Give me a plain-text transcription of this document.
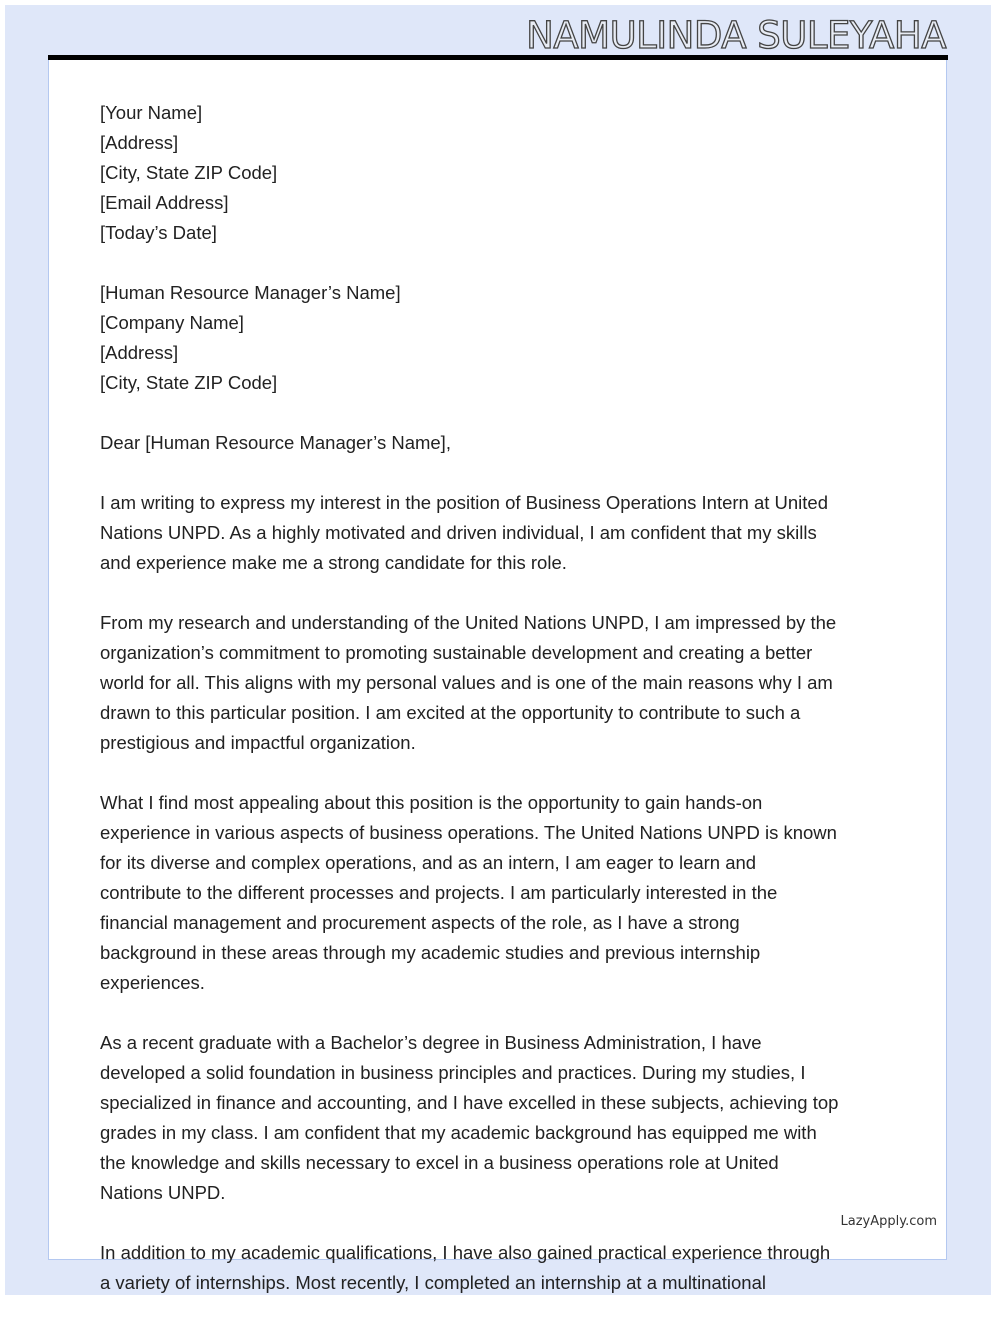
NAMULINDA SULEYAHA
[Your Name]
[Address]
[City, State ZIP Code]
[Email Address]
[Today’s Date]
[Human Resource Manager’s Name]
[Company Name]
[Address]
[City, State ZIP Code]
Dear [Human Resource Manager’s Name],
I am writing to express my interest in the position of Business Operations Intern at United
Nations UNPD. As a highly motivated and driven individual, I am confident that my skills
and experience make me a strong candidate for this role.
From my research and understanding of the United Nations UNPD, I am impressed by the
organization’s commitment to promoting sustainable development and creating a better
world for all. This aligns with my personal values and is one of the main reasons why I am
drawn to this particular position. I am excited at the opportunity to contribute to such a
prestigious and impactful organization.
What I find most appealing about this position is the opportunity to gain hands-on
experience in various aspects of business operations. The United Nations UNPD is known
for its diverse and complex operations, and as an intern, I am eager to learn and
contribute to the different processes and projects. I am particularly interested in the
financial management and procurement aspects of the role, as I have a strong
background in these areas through my academic studies and previous internship
experiences.
As a recent graduate with a Bachelor’s degree in Business Administration, I have
developed a solid foundation in business principles and practices. During my studies, I
specialized in finance and accounting, and I have excelled in these subjects, achieving top
grades in my class. I am confident that my academic background has equipped me with
the knowledge and skills necessary to excel in a business operations role at United
Nations UNPD.
In addition to my academic qualifications, I have also gained practical experience through
a variety of internships. Most recently, I completed an internship at a multinational
LazyApply.com
